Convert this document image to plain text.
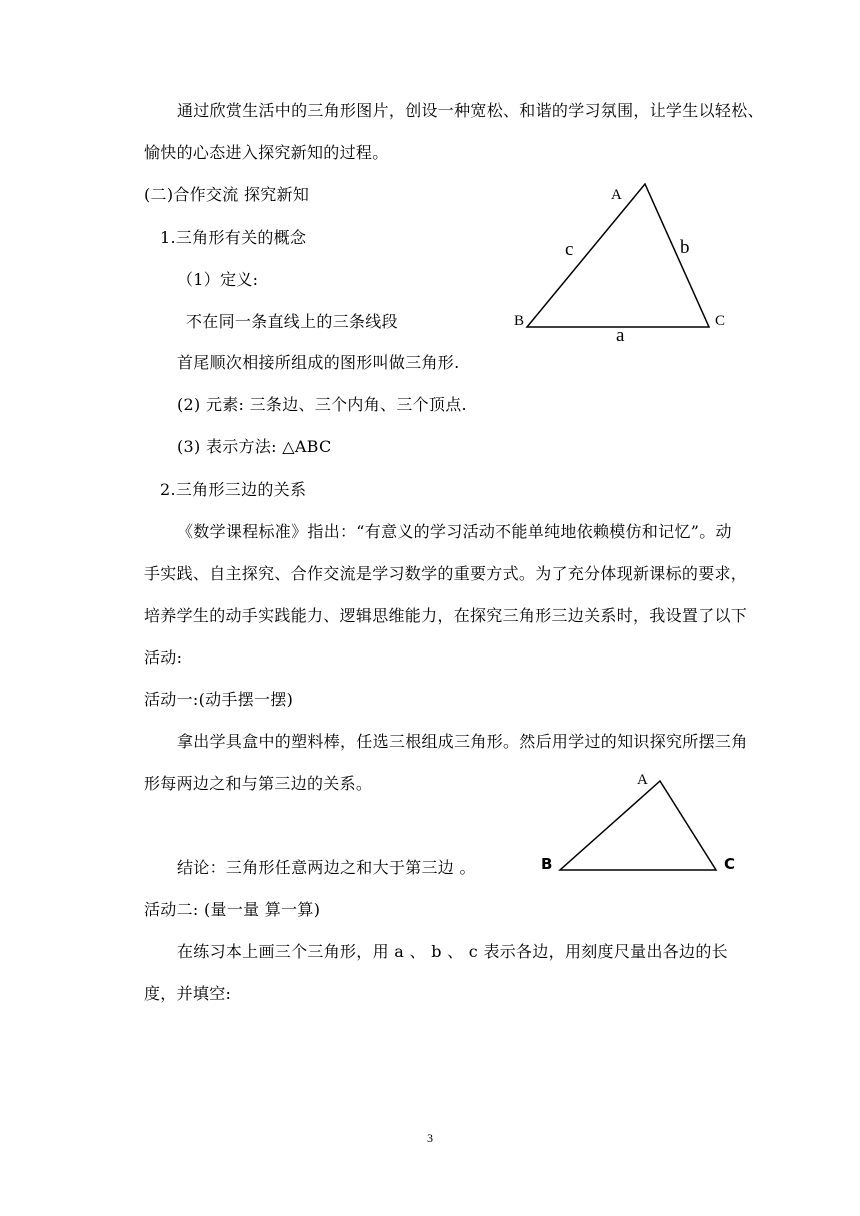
通过欣赏生活中的三角形图片，创设一种宽松、和谐的学习氛围，让学生以轻松、
愉快的心态进入探究新知的过程。
(二)合作交流 探究新知
1.三角形有关的概念
（1）定义:
不在同一条直线上的三条线段
首尾顺次相接所组成的图形叫做三角形.
(2) 元素: 三条边、三个内角、三个顶点.
(3) 表示方法: △ABC
2.三角形三边的关系
《数学课程标准》指出：“有意义的学习活动不能单纯地依赖模仿和记忆”。动
手实践、自主探究、合作交流是学习数学的重要方式。为了充分体现新课标的要求，
培养学生的动手实践能力、逻辑思维能力，在探究三角形三边关系时，我设置了以下
活动:
活动一:(动手摆一摆)
拿出学具盒中的塑料棒，任选三根组成三角形。然后用学过的知识探究所摆三角
形每两边之和与第三边的关系。
结论：三角形任意两边之和大于第三边 。
活动二: (量一量 算一算)
在练习本上画三个三角形，用 a 、 b 、 c 表示各边，用刻度尺量出各边的长
度，并填空:
A
B	C
c	b
a
A
B	C
3
